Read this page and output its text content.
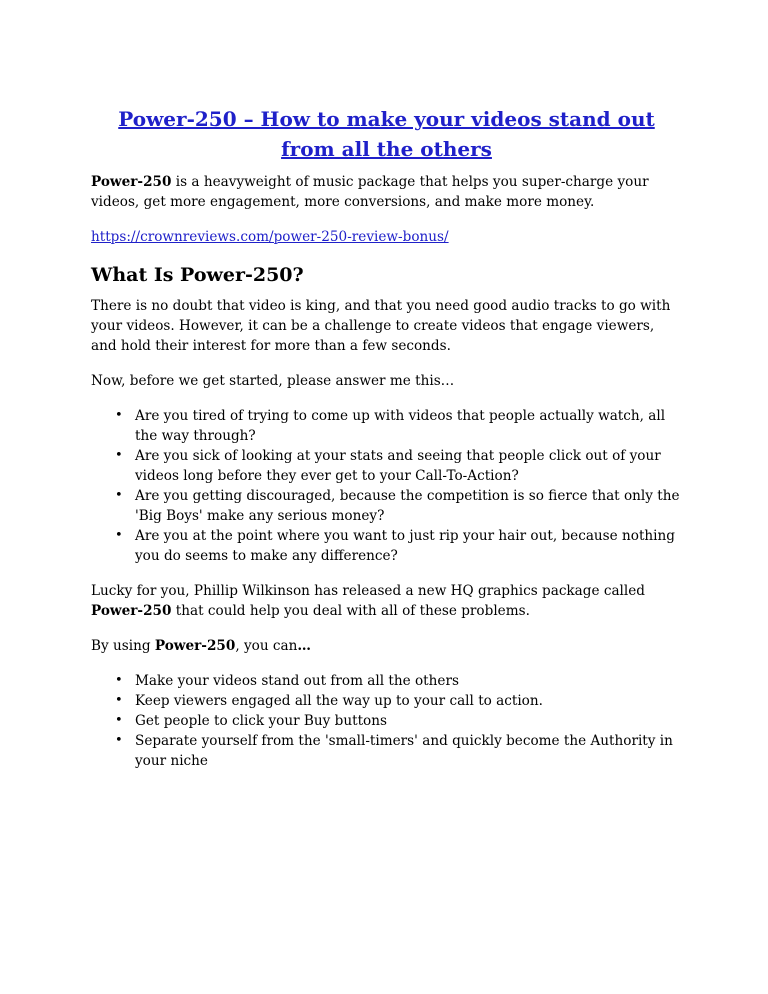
Power-250 – How to make your videos stand out
from all the others

Power-250 is a heavyweight of music package that helps you super-charge your videos, get more engagement, more conversions, and make more money.

https://crownreviews.com/power-250-review-bonus/

What Is Power-250?

There is no doubt that video is king, and that you need good audio tracks to go with your videos. However, it can be a challenge to create videos that engage viewers, and hold their interest for more than a few seconds.

Now, before we get started, please answer me this…

• Are you tired of trying to come up with videos that people actually watch, all the way through?
• Are you sick of looking at your stats and seeing that people click out of your videos long before they ever get to your Call-To-Action?
• Are you getting discouraged, because the competition is so fierce that only the 'Big Boys' make any serious money?
• Are you at the point where you want to just rip your hair out, because nothing you do seems to make any difference?

Lucky for you, Phillip Wilkinson has released a new HQ graphics package called Power-250 that could help you deal with all of these problems.

By using Power-250, you can…

• Make your videos stand out from all the others
• Keep viewers engaged all the way up to your call to action.
• Get people to click your Buy buttons
• Separate yourself from the 'small-timers' and quickly become the Authority in your niche
